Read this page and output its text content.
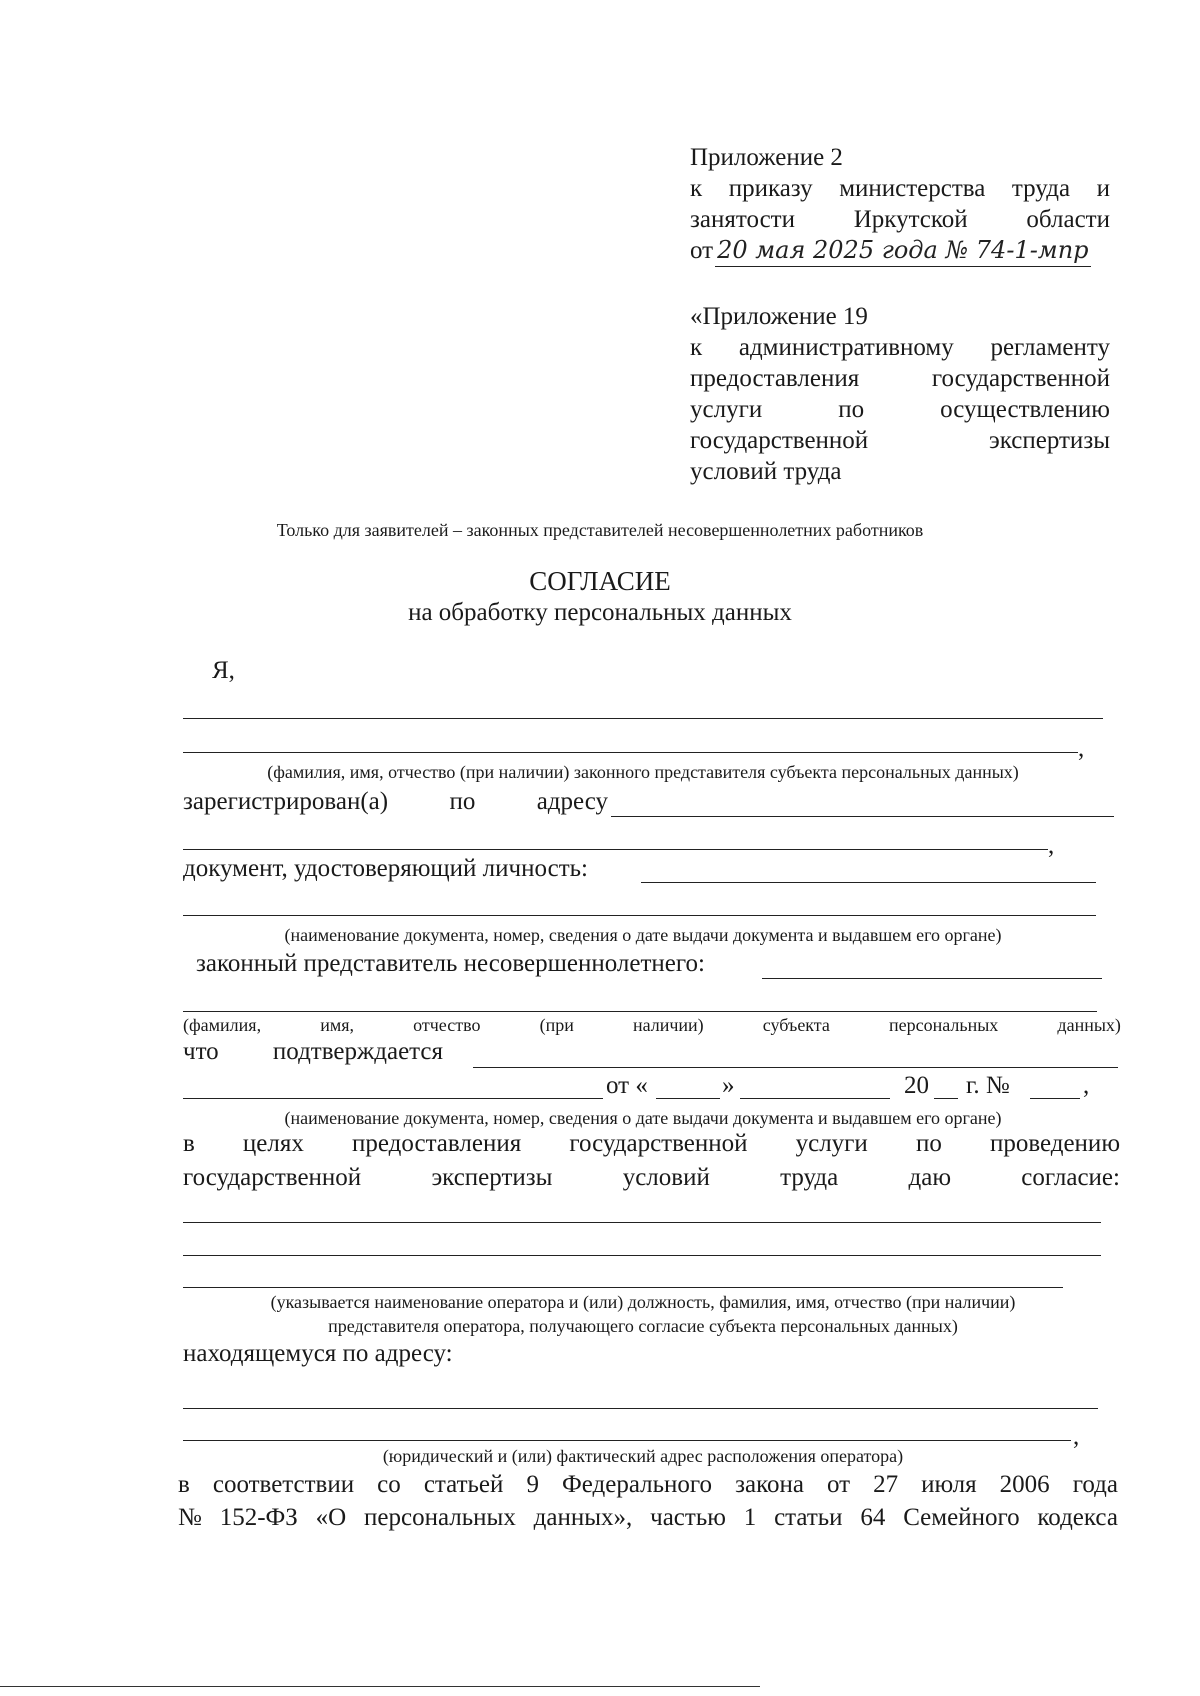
Приложение 2
к приказу министерства труда и
занятости Иркутской области
от 20 мая 2025 года № 74-1-мпр
«Приложение 19
к административному регламенту
предоставления	государственной
услуги	по	осуществлению
государственной	экспертизы
условий труда
Только для заявителей – законных представителей несовершеннолетних работников
СОГЛАСИЕ
на обработку персональных данных
Я,
,
(фамилия, имя, отчество (при наличии) законного представителя субъекта персональных данных)
зарегистрирован(а) по адресу
,
документ, удостоверяющий личность:
(наименование документа, номер, сведения о дате выдачи документа и выдавшем его органе)
законный представитель несовершеннолетнего:
(фамилия,	имя,	отчество	(при	наличии)	субъекта	персональных	данных)
что подтверждается
от «	»	20 г. №	,
(наименование документа, номер, сведения о дате выдачи документа и выдавшем его органе)
в целях предоставления государственной услуги по проведению
государственной	экспертизы	условий	труда	даю	согласие:
(указывается наименование оператора и (или) должность, фамилия, имя, отчество (при наличии)
представителя оператора, получающего согласие субъекта персональных данных)
находящемуся по адресу:
,
(юридический и (или) фактический адрес расположения оператора)
в соответствии со статьей 9 Федерального закона от 27 июля 2006 года
№ 152-ФЗ «О персональных данных», частью 1 статьи 64 Семейного кодекса
